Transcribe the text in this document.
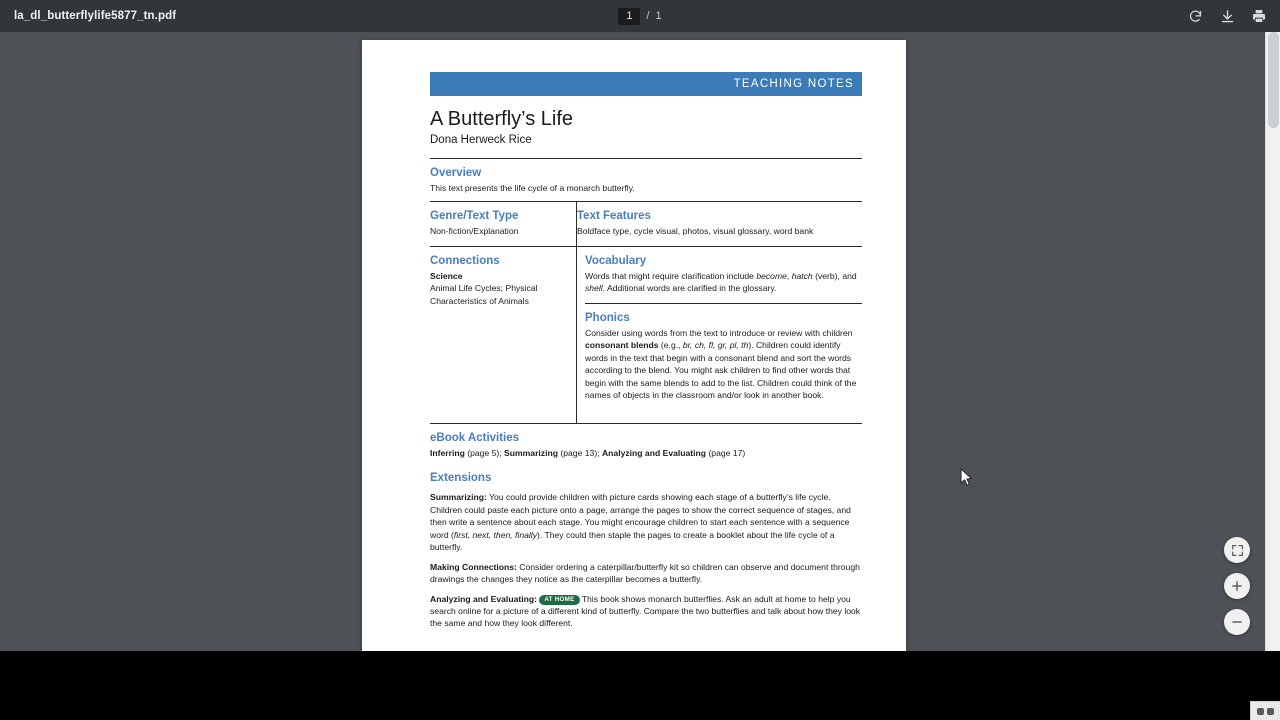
la_dl_butterflylife5877_tn.pdf
1	/ 1
TEACHING NOTES
A Butterfly’s Life
Dona Herweck Rice
Overview
This text presents the life cycle of a monarch butterfly.
Genre/Text Type
Non-fiction/Explanation
Text Features
Boldface type, cycle visual, photos, visual glossary, word bank
Connections
Science
Animal Life Cycles; Physical Characteristics of Animals
Vocabulary
Words that might require clarification include become, hatch (verb), and shell. Additional words are clarified in the glossary.
Phonics
Consider using words from the text to introduce or review with children consonant blends (e.g., br, ch, fl, gr, pl, th). Children could identify words in the text that begin with a consonant blend and sort the words according to the blend. You might ask children to find other words that begin with the same blends to add to the list. Children could think of the names of objects in the classroom and/or look in another book.
eBook Activities
Inferring (page 5); Summarizing (page 13); Analyzing and Evaluating (page 17)
Extensions
Summarizing: You could provide children with picture cards showing each stage of a butterfly’s life cycle. Children could paste each picture onto a page, arrange the pages to show the correct sequence of stages, and then write a sentence about each stage. You might encourage children to start each sentence with a sequence word (first, next, then, finally). They could then staple the pages to create a booklet about the life cycle of a butterfly.
Making Connections: Consider ordering a caterpillar/butterfly kit so children can observe and document through drawings the changes they notice as the caterpillar becomes a butterfly.
Analyzing and Evaluating: AT HOME This book shows monarch butterflies. Ask an adult at home to help you search online for a picture of a different kind of butterfly. Compare the two butterflies and talk about how they look the same and how they look different.
